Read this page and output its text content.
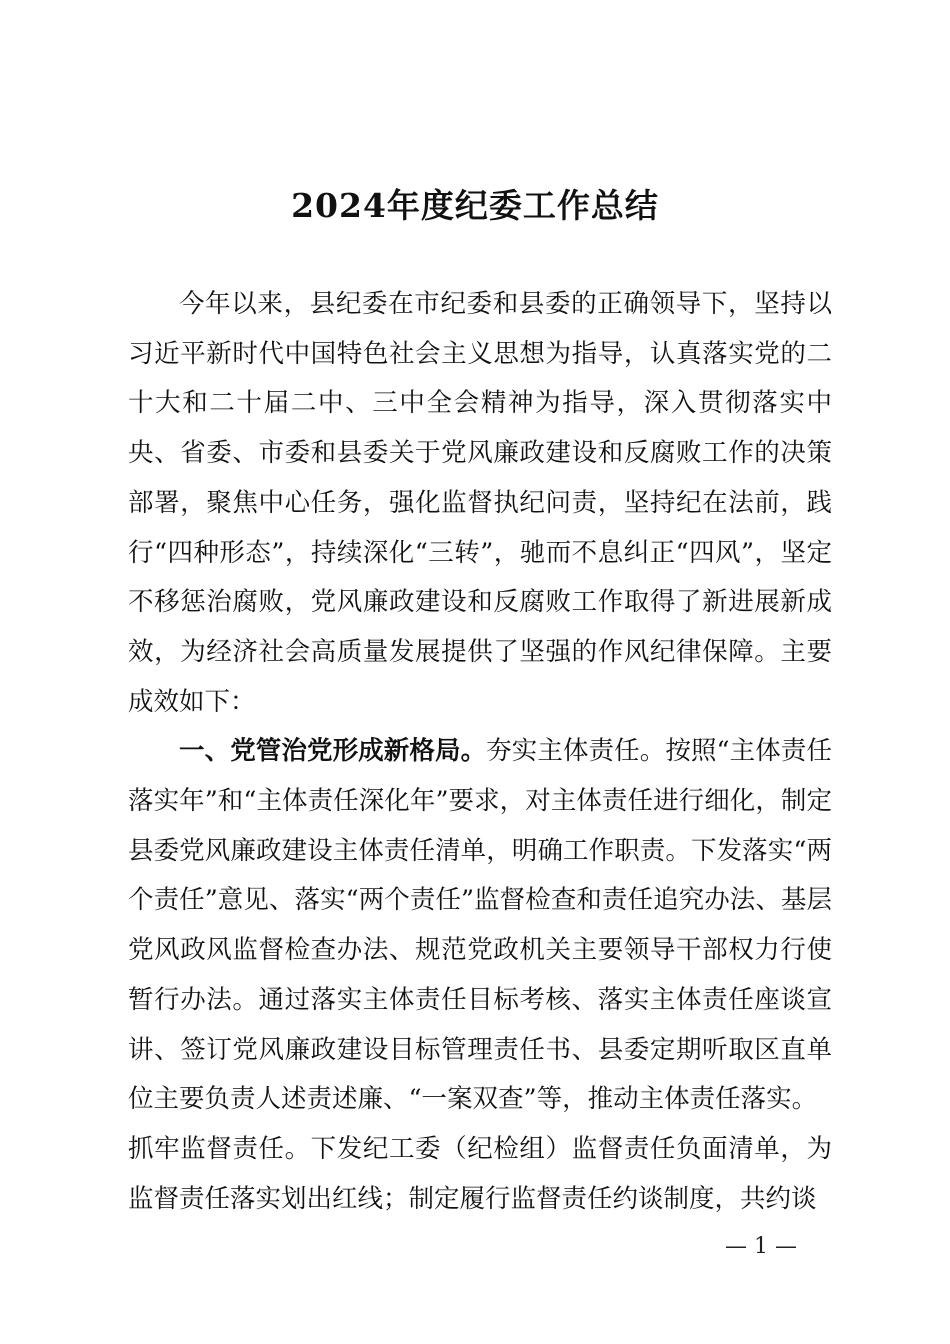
2024年度纪委工作总结

今年以来，县纪委在市纪委和县委的正确领导下，坚持以习近平新时代中国特色社会主义思想为指导，认真落实党的二十大和二十届二中、三中全会精神为指导，深入贯彻落实中央、省委、市委和县委关于党风廉政建设和反腐败工作的决策部署，聚焦中心任务，强化监督执纪问责，坚持纪在法前，践行“四种形态”，持续深化“三转”，驰而不息纠正“四风”，坚定不移惩治腐败，党风廉政建设和反腐败工作取得了新进展新成效，为经济社会高质量发展提供了坚强的作风纪律保障。主要成效如下：

一、党管治党形成新格局。夯实主体责任。按照“主体责任落实年”和“主体责任深化年”要求，对主体责任进行细化，制定县委党风廉政建设主体责任清单，明确工作职责。下发落实“两个责任”意见、落实“两个责任”监督检查和责任追究办法、基层党风政风监督检查办法、规范党政机关主要领导干部权力行使暂行办法。通过落实主体责任目标考核、落实主体责任座谈宣讲、签订党风廉政建设目标管理责任书、县委定期听取区直单位主要负责人述责述廉、“一案双查”等，推动主体责任落实。

抓牢监督责任。下发纪工委（纪检组）监督责任负面清单，为监督责任落实划出红线；制定履行监督责任约谈制度，共约谈

— 1 —
